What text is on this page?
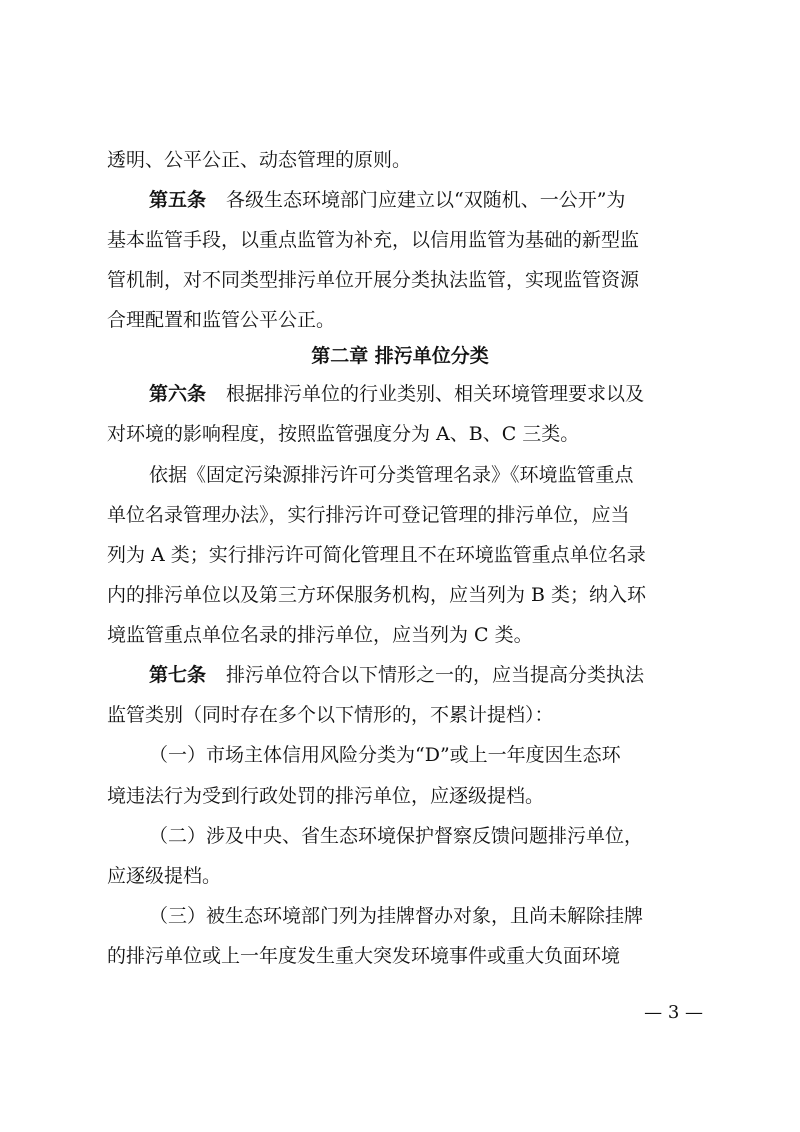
透明、公平公正、动态管理的原则。
第五条 各级生态环境部门应建立以“双随机、一公开”为
基本监管手段，以重点监管为补充，以信用监管为基础的新型监
管机制，对不同类型排污单位开展分类执法监管，实现监管资源
合理配置和监管公平公正。
第二章 排污单位分类
第六条 根据排污单位的行业类别、相关环境管理要求以及
对环境的影响程度，按照监管强度分为 A、B、C 三类。
依据《固定污染源排污许可分类管理名录》《环境监管重点
单位名录管理办法》，实行排污许可登记管理的排污单位，应当
列为 A 类；实行排污许可简化管理且不在环境监管重点单位名录
内的排污单位以及第三方环保服务机构，应当列为 B 类；纳入环
境监管重点单位名录的排污单位，应当列为 C 类。
第七条 排污单位符合以下情形之一的，应当提高分类执法
监管类别（同时存在多个以下情形的，不累计提档）：
（一）市场主体信用风险分类为“D”或上一年度因生态环
境违法行为受到行政处罚的排污单位，应逐级提档。
（二）涉及中央、省生态环境保护督察反馈问题排污单位，
应逐级提档。
（三）被生态环境部门列为挂牌督办对象，且尚未解除挂牌
的排污单位或上一年度发生重大突发环境事件或重大负面环境
— 3 —
